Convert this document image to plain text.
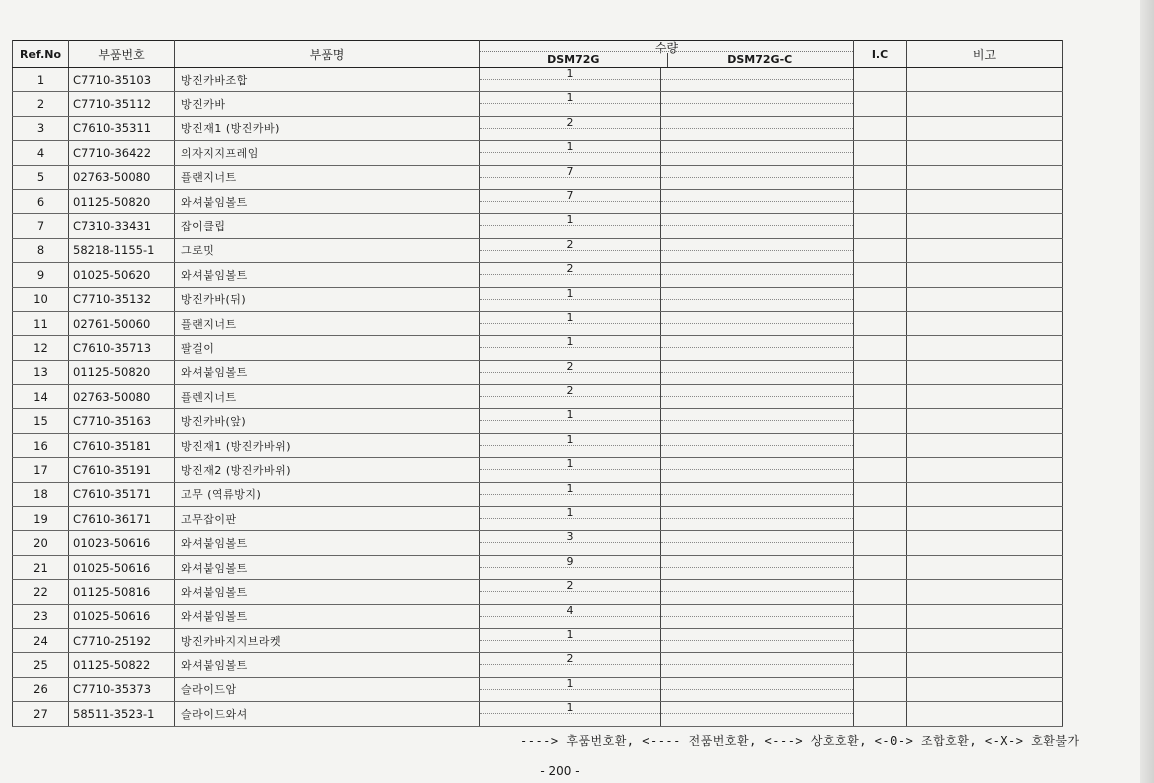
Ref.No	부품번호	부품명	수량
DSM72G DSM72G-C		I.C	비고
1	C7710-35103	방진카바조합	1			

2	C7710-35112	방진카바	1			

3	C7610-35311	방진재1 (방진카바)	2			

4	C7710-36422	의자지지프레임	1			

5	02763-50080	플랜지너트	7			

6	01125-50820	와셔붙임볼트	7			

7	C7310-33431	잡이클립	1			

8	58218-1155-1	그로밋	2			

9	01025-50620	와셔붙임볼트	2			

10	C7710-35132	방진카바(뒤)	1			

11	02761-50060	플랜지너트	1			

12	C7610-35713	팔걸이	1			

13	01125-50820	와셔붙임볼트	2			

14	02763-50080	플렌지너트	2			

15	C7710-35163	방진카바(앞)	1			

16	C7610-35181	방진재1 (방진카바위)	1			

17	C7610-35191	방진재2 (방진카바위)	1			

18	C7610-35171	고무 (역류방지)	1			

19	C7610-36171	고무잡이판	1			

20	01023-50616	와셔붙임볼트	3			

21	01025-50616	와셔붙임볼트	9			

22	01125-50816	와셔붙임볼트	2			

23	01025-50616	와셔붙임볼트	4			

24	C7710-25192	방진카바지지브라켓	1			

25	01125-50822	와셔붙임볼트	2			

26	C7710-35373	슬라이드암	1			

27	58511-3523-1	슬라이드와셔	1			

----> 후품번호환, <---- 전품번호환, <---> 상호호환, <-0-> 조합호환, <-X-> 호환불가
- 200 -
